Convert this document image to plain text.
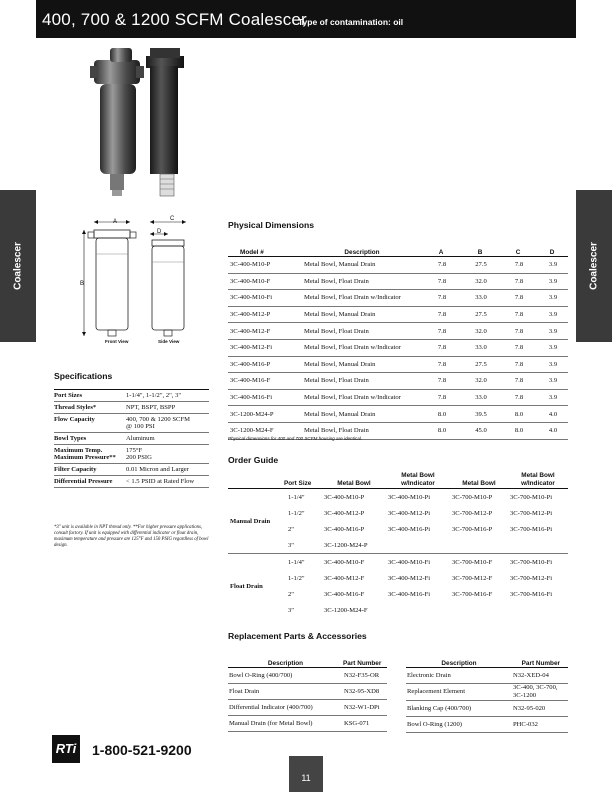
400, 700 & 1200 SCFM Coalescer
Type of contamination: oil
Coalescer	Coalescer
A	C
D
B
Front View	Side View
Physical Dimensions
Model #	Description	A	B	C	D
3C-400-M10-P	Metal Bowl, Manual Drain	7.8	27.5	7.8	3.9
3C-400-M10-F	Metal Bowl, Float Drain	7.8	32.0	7.8	3.9
3C-400-M10-Fi	Metal Bowl, Float Drain w/Indicator	7.8	33.0	7.8	3.9
3C-400-M12-P	Metal Bowl, Manual Drain	7.8	27.5	7.8	3.9
3C-400-M12-F	Metal Bowl, Float Drain	7.8	32.0	7.8	3.9
3C-400-M12-Fi	Metal Bowl, Float Drain w/Indicator	7.8	33.0	7.8	3.9
3C-400-M16-P	Metal Bowl, Manual Drain	7.8	27.5	7.8	3.9
3C-400-M16-F	Metal Bowl, Float Drain	7.8	32.0	7.8	3.9
3C-400-M16-Fi	Metal Bowl, Float Drain w/Indicator	7.8	33.0	7.8	3.9
3C-1200-M24-P	Metal Bowl, Manual Drain	8.0	39.5	8.0	4.0
3C-1200-M24-F	Metal Bowl, Float Drain	8.0	45.0	8.0	4.0
Physical dimensions for 400 and 700 SCFM housing are identical.
Specifications
Port Sizes	1-1/4", 1-1/2", 2", 3"
Thread Styles*	NPT, BSPT, BSPP
Flow Capacity	400, 700 & 1200 SCFM
@ 100 PSI
Bowl Types	Aluminum
Maximum Temp.
Maximum Pressure**	175°F
200 PSIG
Filter Capacity	0.01 Micron and Larger
Differential Pressure	< 1.5 PSID at Rated Flow
*3" unit is available in NPT thread only. **For higher pressure applications, consult factory. If unit is equipped with differential indicator or float drain, maximum temperature and pressure are 125°F and 150 PSIG regardless of bowl design.
Order Guide
	Port Size	Metal Bowl	Metal Bowl
w/Indicator	Metal Bowl	Metal Bowl
w/Indicator
Manual Drain	1-1/4"	3C-400-M10-P	3C-400-M10-Pi	3C-700-M10-P	3C-700-M10-Pi
	1-1/2"	3C-400-M12-P	3C-400-M12-Pi	3C-700-M12-P	3C-700-M12-Pi
	2"	3C-400-M16-P	3C-400-M16-Pi	3C-700-M16-P	3C-700-M16-Pi
	3"	3C-1200-M24-P			
Float Drain	1-1/4"	3C-400-M10-F	3C-400-M10-Fi	3C-700-M10-F	3C-700-M10-Fi
	1-1/2"	3C-400-M12-F	3C-400-M12-Fi	3C-700-M12-F	3C-700-M12-Fi
	2"	3C-400-M16-F	3C-400-M16-Fi	3C-700-M16-F	3C-700-M16-Fi
	3"	3C-1200-M24-F			
Replacement Parts & Accessories
Description	Part Number
Bowl O-Ring (400/700)	N32-F35-OR
Float Drain	N32-95-XD8
Differential Indicator (400/700)	N32-W1-DPi
Manual Drain (for Metal Bowl)	KSG-071
Description	Part Number
Electronic Drain	N32-XED-04
Replacement Element	3C-400, 3C-700,
3C-1200
Blanking Cap (400/700)	N32-95-020
Bowl O-Ring (1200)	PHC-032
RTi 1-800-521-9200
11
